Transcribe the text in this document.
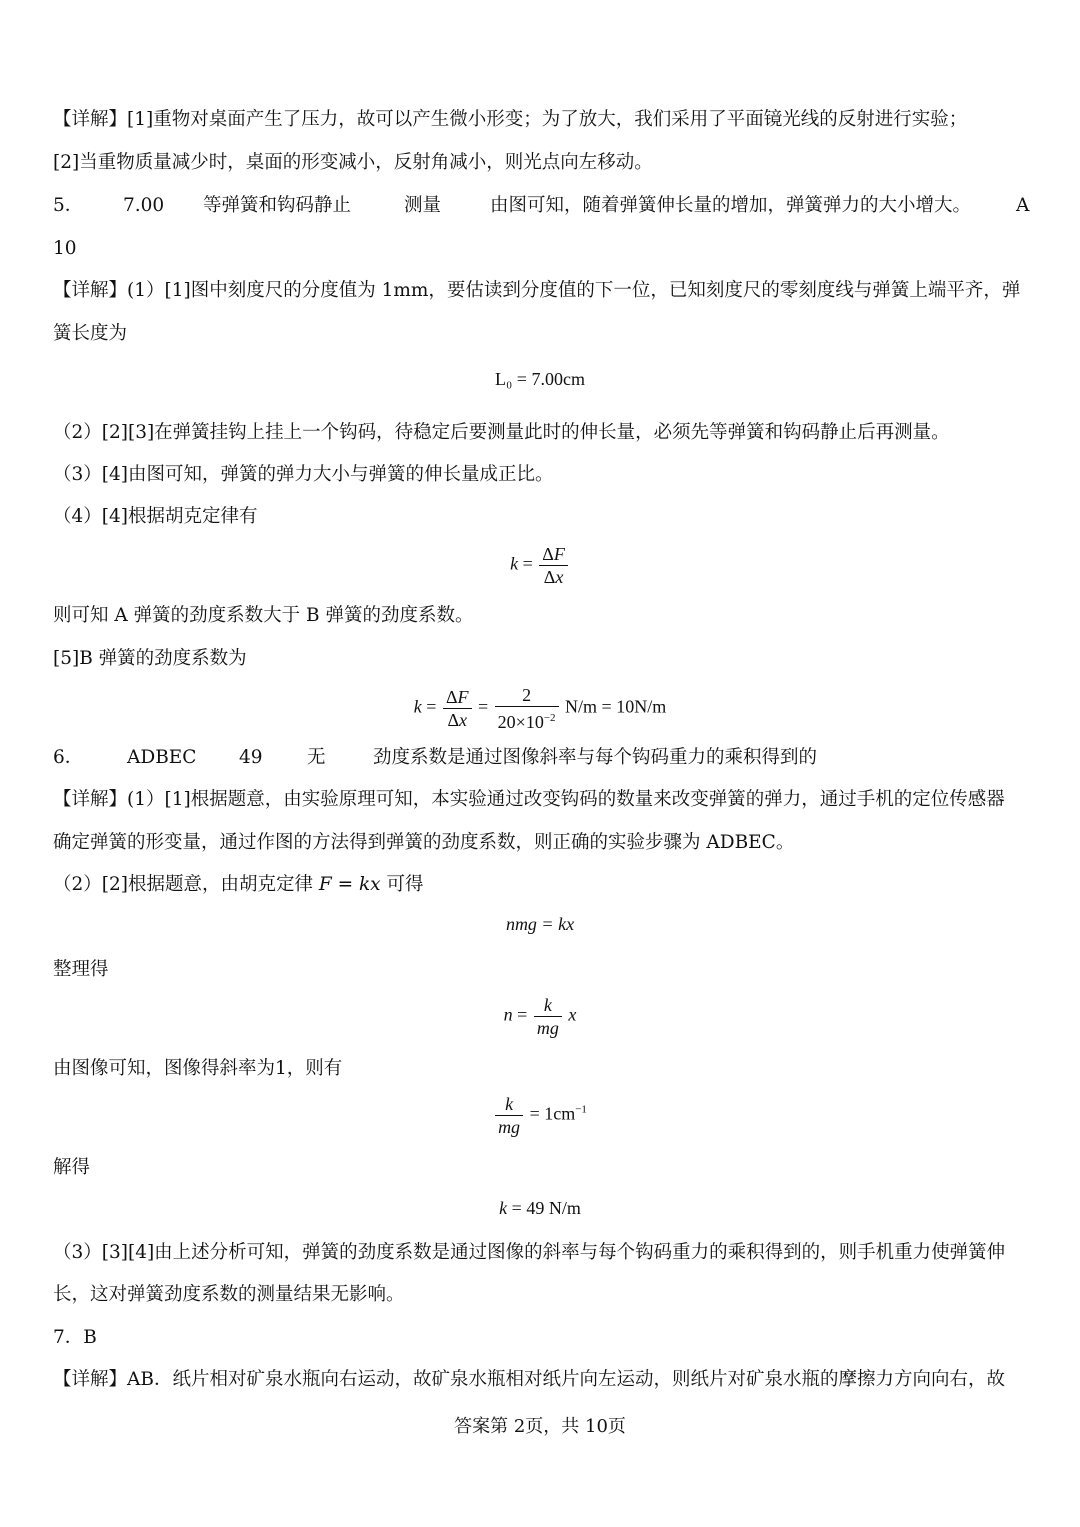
【详解】[1]重物对桌面产生了压力，故可以产生微小形变；为了放大，我们采用了平面镜光线的反射进行实验；
[2]当重物质量减少时，桌面的形变减小，反射角减小，则光点向左移动。
5． 7.00 等弹簧和钩码静止	测量	由图可知，随着弹簧伸长量的增加，弹簧弹力的大小增大。 A
10
【详解】(1）[1]图中刻度尺的分度值为 1mm，要估读到分度值的下一位，已知刻度尺的零刻度线与弹簧上端平齐，弹
簧长度为
L₀ = 7.00cm
（2）[2][3]在弹簧挂钩上挂上一个钩码，待稳定后要测量此时的伸长量，必须先等弹簧和钩码静止后再测量。
（3）[4]由图可知，弹簧的弹力大小与弹簧的伸长量成正比。
（4）[4]根据胡克定律有
$k = \frac{\Delta F}{\Delta x}$
则可知 A 弹簧的劲度系数大于 B 弹簧的劲度系数。
[5]B 弹簧的劲度系数为
$k = \frac{\Delta F}{\Delta x} = \frac{2}{20\times 10^{-2}} N/m = 10N/m$
6． ADBEC 49 无	劲度系数是通过图像斜率与每个钩码重力的乘积得到的
【详解】(1）[1]根据题意，由实验原理可知，本实验通过改变钩码的数量来改变弹簧的弹力，通过手机的定位传感器
确定弹簧的形变量，通过作图的方法得到弹簧的劲度系数，则正确的实验步骤为 ADBEC。
（2）[2]根据题意，由胡克定律 F = kx 可得
nmg = kx
整理得
$n = \frac{k}{mg}$ x
由图像可知，图像得斜率为1，则有
$\frac{k}{mg} = 1cm^{-1}$
解得
k = 49 N/m
（3）[3][4]由上述分析可知，弹簧的劲度系数是通过图像的斜率与每个钩码重力的乘积得到的，则手机重力使弹簧伸
长，这对弹簧劲度系数的测量结果无影响。
7．B
【详解】AB．纸片相对矿泉水瓶向右运动，故矿泉水瓶相对纸片向左运动，则纸片对矿泉水瓶的摩擦力方向向右，故
答案第 2页，共 10页
